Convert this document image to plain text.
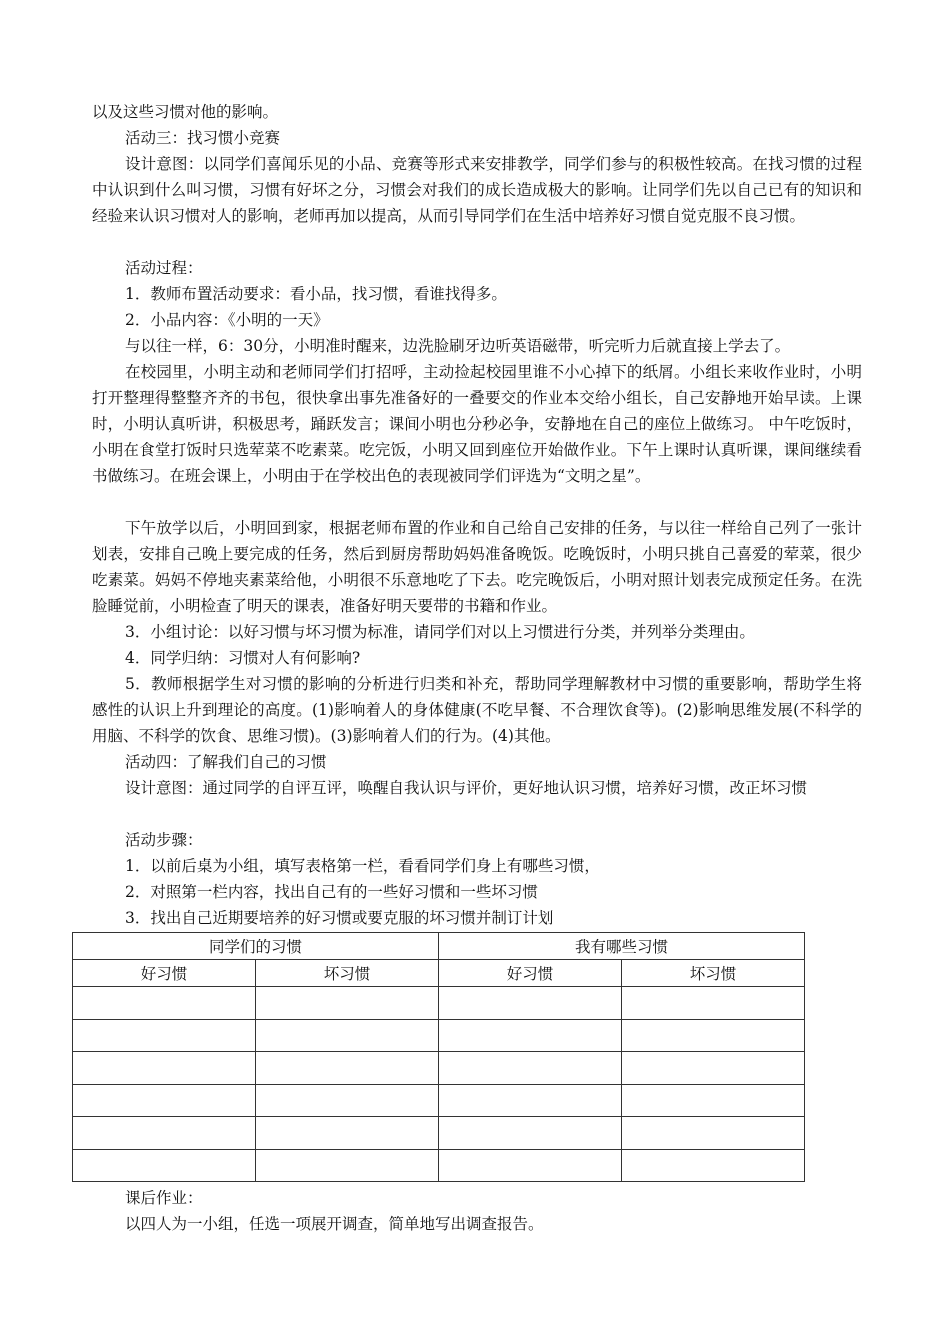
以及这些习惯对他的影响。

活动三：找习惯小竞赛

设计意图：以同学们喜闻乐见的小品、竞赛等形式来安排教学，同学们参与的积极性较高。在找习惯的过程中认识到什么叫习惯，习惯有好坏之分，习惯会对我们的成长造成极大的影响。让同学们先以自己已有的知识和经验来认识习惯对人的影响，老师再加以提高，从而引导同学们在生活中培养好习惯自觉克服不良习惯。

活动过程：

1．教师布置活动要求：看小品，找习惯，看谁找得多。

2．小品内容：《小明的一天》

与以往一样，6：30分，小明准时醒来，边洗脸刷牙边听英语磁带，听完听力后就直接上学去了。

在校园里，小明主动和老师同学们打招呼，主动捡起校园里谁不小心掉下的纸屑。小组长来收作业时，小明打开整理得整整齐齐的书包，很快拿出事先准备好的一叠要交的作业本交给小组长，自己安静地开始早读。上课时，小明认真听讲，积极思考，踊跃发言；课间小明也分秒必争，安静地在自己的座位上做练习。 中午吃饭时，小明在食堂打饭时只选荤菜不吃素菜。吃完饭，小明又回到座位开始做作业。下午上课时认真听课，课间继续看书做练习。在班会课上，小明由于在学校出色的表现被同学们评选为“文明之星”。

下午放学以后，小明回到家，根据老师布置的作业和自己给自己安排的任务，与以往一样给自己列了一张计划表，安排自己晚上要完成的任务，然后到厨房帮助妈妈准备晚饭。吃晚饭时，小明只挑自己喜爱的荤菜，很少吃素菜。妈妈不停地夹素菜给他，小明很不乐意地吃了下去。吃完晚饭后，小明对照计划表完成预定任务。在洗脸睡觉前，小明检查了明天的课表，准备好明天要带的书籍和作业。

3．小组讨论：以好习惯与坏习惯为标准，请同学们对以上习惯进行分类，并列举分类理由。

4．同学归纳：习惯对人有何影响?

5．教师根据学生对习惯的影响的分析进行归类和补充，帮助同学理解教材中习惯的重要影响，帮助学生将感性的认识上升到理论的高度。(1)影响着人的身体健康(不吃早餐、不合理饮食等)。(2)影响思维发展(不科学的用脑、不科学的饮食、思维习惯)。(3)影响着人们的行为。(4)其他。

活动四：了解我们自己的习惯

设计意图：通过同学的自评互评，唤醒自我认识与评价，更好地认识习惯，培养好习惯，改正坏习惯

活动步骤：

1．以前后桌为小组，填写表格第一栏，看看同学们身上有哪些习惯，

2．对照第一栏内容，找出自己有的一些好习惯和一些坏习惯

3．找出自己近期要培养的好习惯或要克服的坏习惯并制订计划

同学们的习惯		我有哪些习惯	
好习惯	坏习惯	好习惯	坏习惯

课后作业：

以四人为一小组，任选一项展开调查，简单地写出调查报告。
